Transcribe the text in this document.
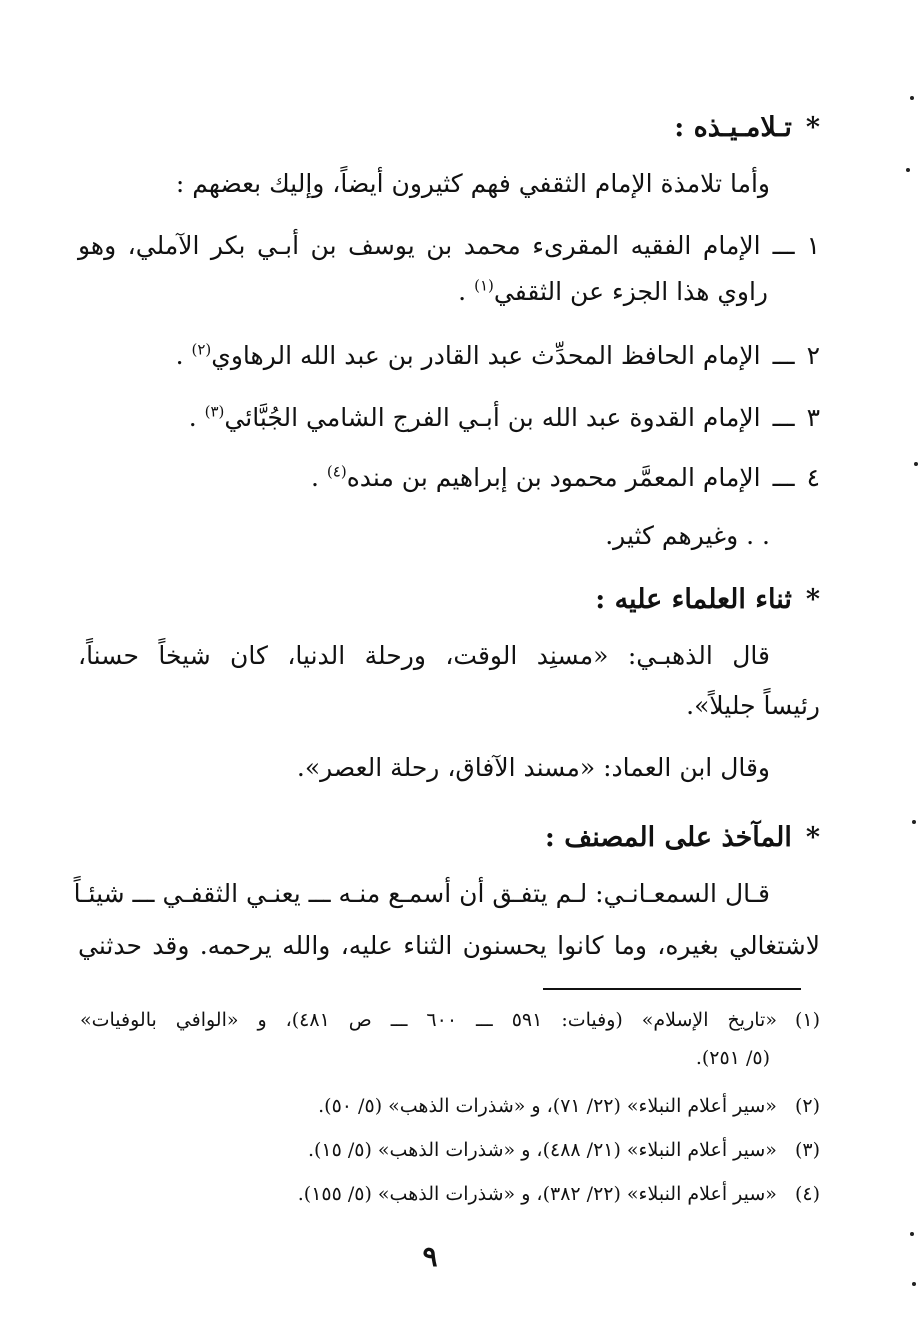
*تـلامـيـذه :
وأما تلامذة الإمام الثقفي فهم كثيرون أيضاً، وإليك بعضهم :
١ـــالإمام الفقيه المقرىء محمد بن يوسف بن أبـي بكر الآملي، وهو
راوي هذا الجزء عن الثقفي$^{(١)}$ .
٢ـــالإمام الحافظ المحدِّث عبد القادر بن عبد الله الرهاوي$^{(٢)}$ .
٣ـــالإمام القدوة عبد الله بن أبـي الفرج الشامي الجُبَّائي$^{(٣)}$ .
٤ـــالإمام المعمَّر محمود بن إبراهيم بن منده$^{(٤)}$ .
. . وغيرهم كثير.
*ثناء العلماء عليه :
قال الذهبـي: «مسنِد الوقت، ورحلة الدنيا، كان شيخاً حسناً،
رئيساً جليلاً».
وقال ابن العماد: «مسند الآفاق، رحلة العصر».
*المآخذ على المصنف :
قـال السمعـانـي: لـم يتفـق أن أسمـع منـه ـــ يعنـي الثقفـي ـــ شيئـاً
لاشتغالي بغيره، وما كانوا يحسنون الثناء عليه، والله يرحمه. وقد حدثني
(١)«تاريخ الإسلام» (وفيات: ٥٩١ ـــ ٦٠٠ ـــ ص ٤٨١)، و «الوافي بالوفيات»
(٥/ ٢٥١).
(٢)«سير أعلام النبلاء» (٢٢/ ٧١)، و «شذرات الذهب» (٥/ ٥٠).
(٣)«سير أعلام النبلاء» (٢١/ ٤٨٨)، و «شذرات الذهب» (٥/ ١٥).
(٤)«سير أعلام النبلاء» (٢٢/ ٣٨٢)، و «شذرات الذهب» (٥/ ١٥٥).
٩
